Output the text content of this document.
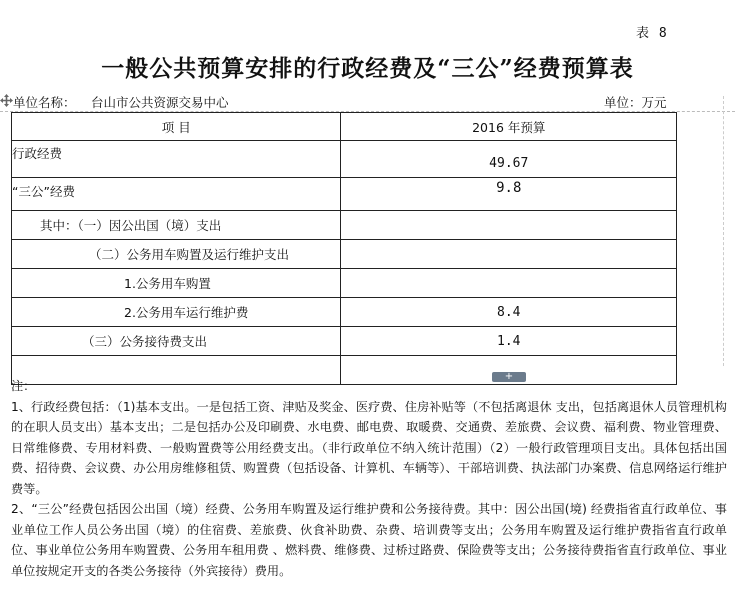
表 8
一般公共预算安排的行政经费及“三公”经费预算表
单位名称： 台山市公共资源交易中心	单位：万元
项 目	2016 年预算
行政经费	49.67
“三公”经费	9.8
其中：（一）因公出国（境）支出	
（二）公务用车购置及运行维护支出	
1.公务用车购置	
2.公务用车运行维护费	8.4
（三）公务接待费支出	1.4

+

注：

1、行政经费包括：（1)基本支出。一是包括工资、津贴及奖金、医疗费、住房补贴等（不包括离退休 支出，包括离退休人员管理机构的在职人员支出）基本支出；二是包括办公及印刷费、水电费、邮电费、取暖费、交通费、差旅费、会议费、福利费、物业管理费、日常维修费、专用材料费、一般购置费等公用经费支出。（非行政单位不纳入统计范围）（2）一般行政管理项目支出。具体包括出国费、招待费、会议费、办公用房维修租赁、购置费（包括设备、计算机、车辆等）、干部培训费、执法部门办案费、信息网络运行维护费等。

2、“三公”经费包括因公出国（境）经费、公务用车购置及运行维护费和公务接待费。其中：因公出国(境) 经费指省直行政单位、事业单位工作人员公务出国（境）的住宿费、差旅费、伙食补助费、杂费、培训费等支出；公务用车购置及运行维护费指省直行政单位、事业单位公务用车购置费、公务用车租用费 、燃料费、维修费、过桥过路费、保险费等支出；公务接待费指省直行政单位、事业单位按规定开支的各类公务接待（外宾接待）费用。
